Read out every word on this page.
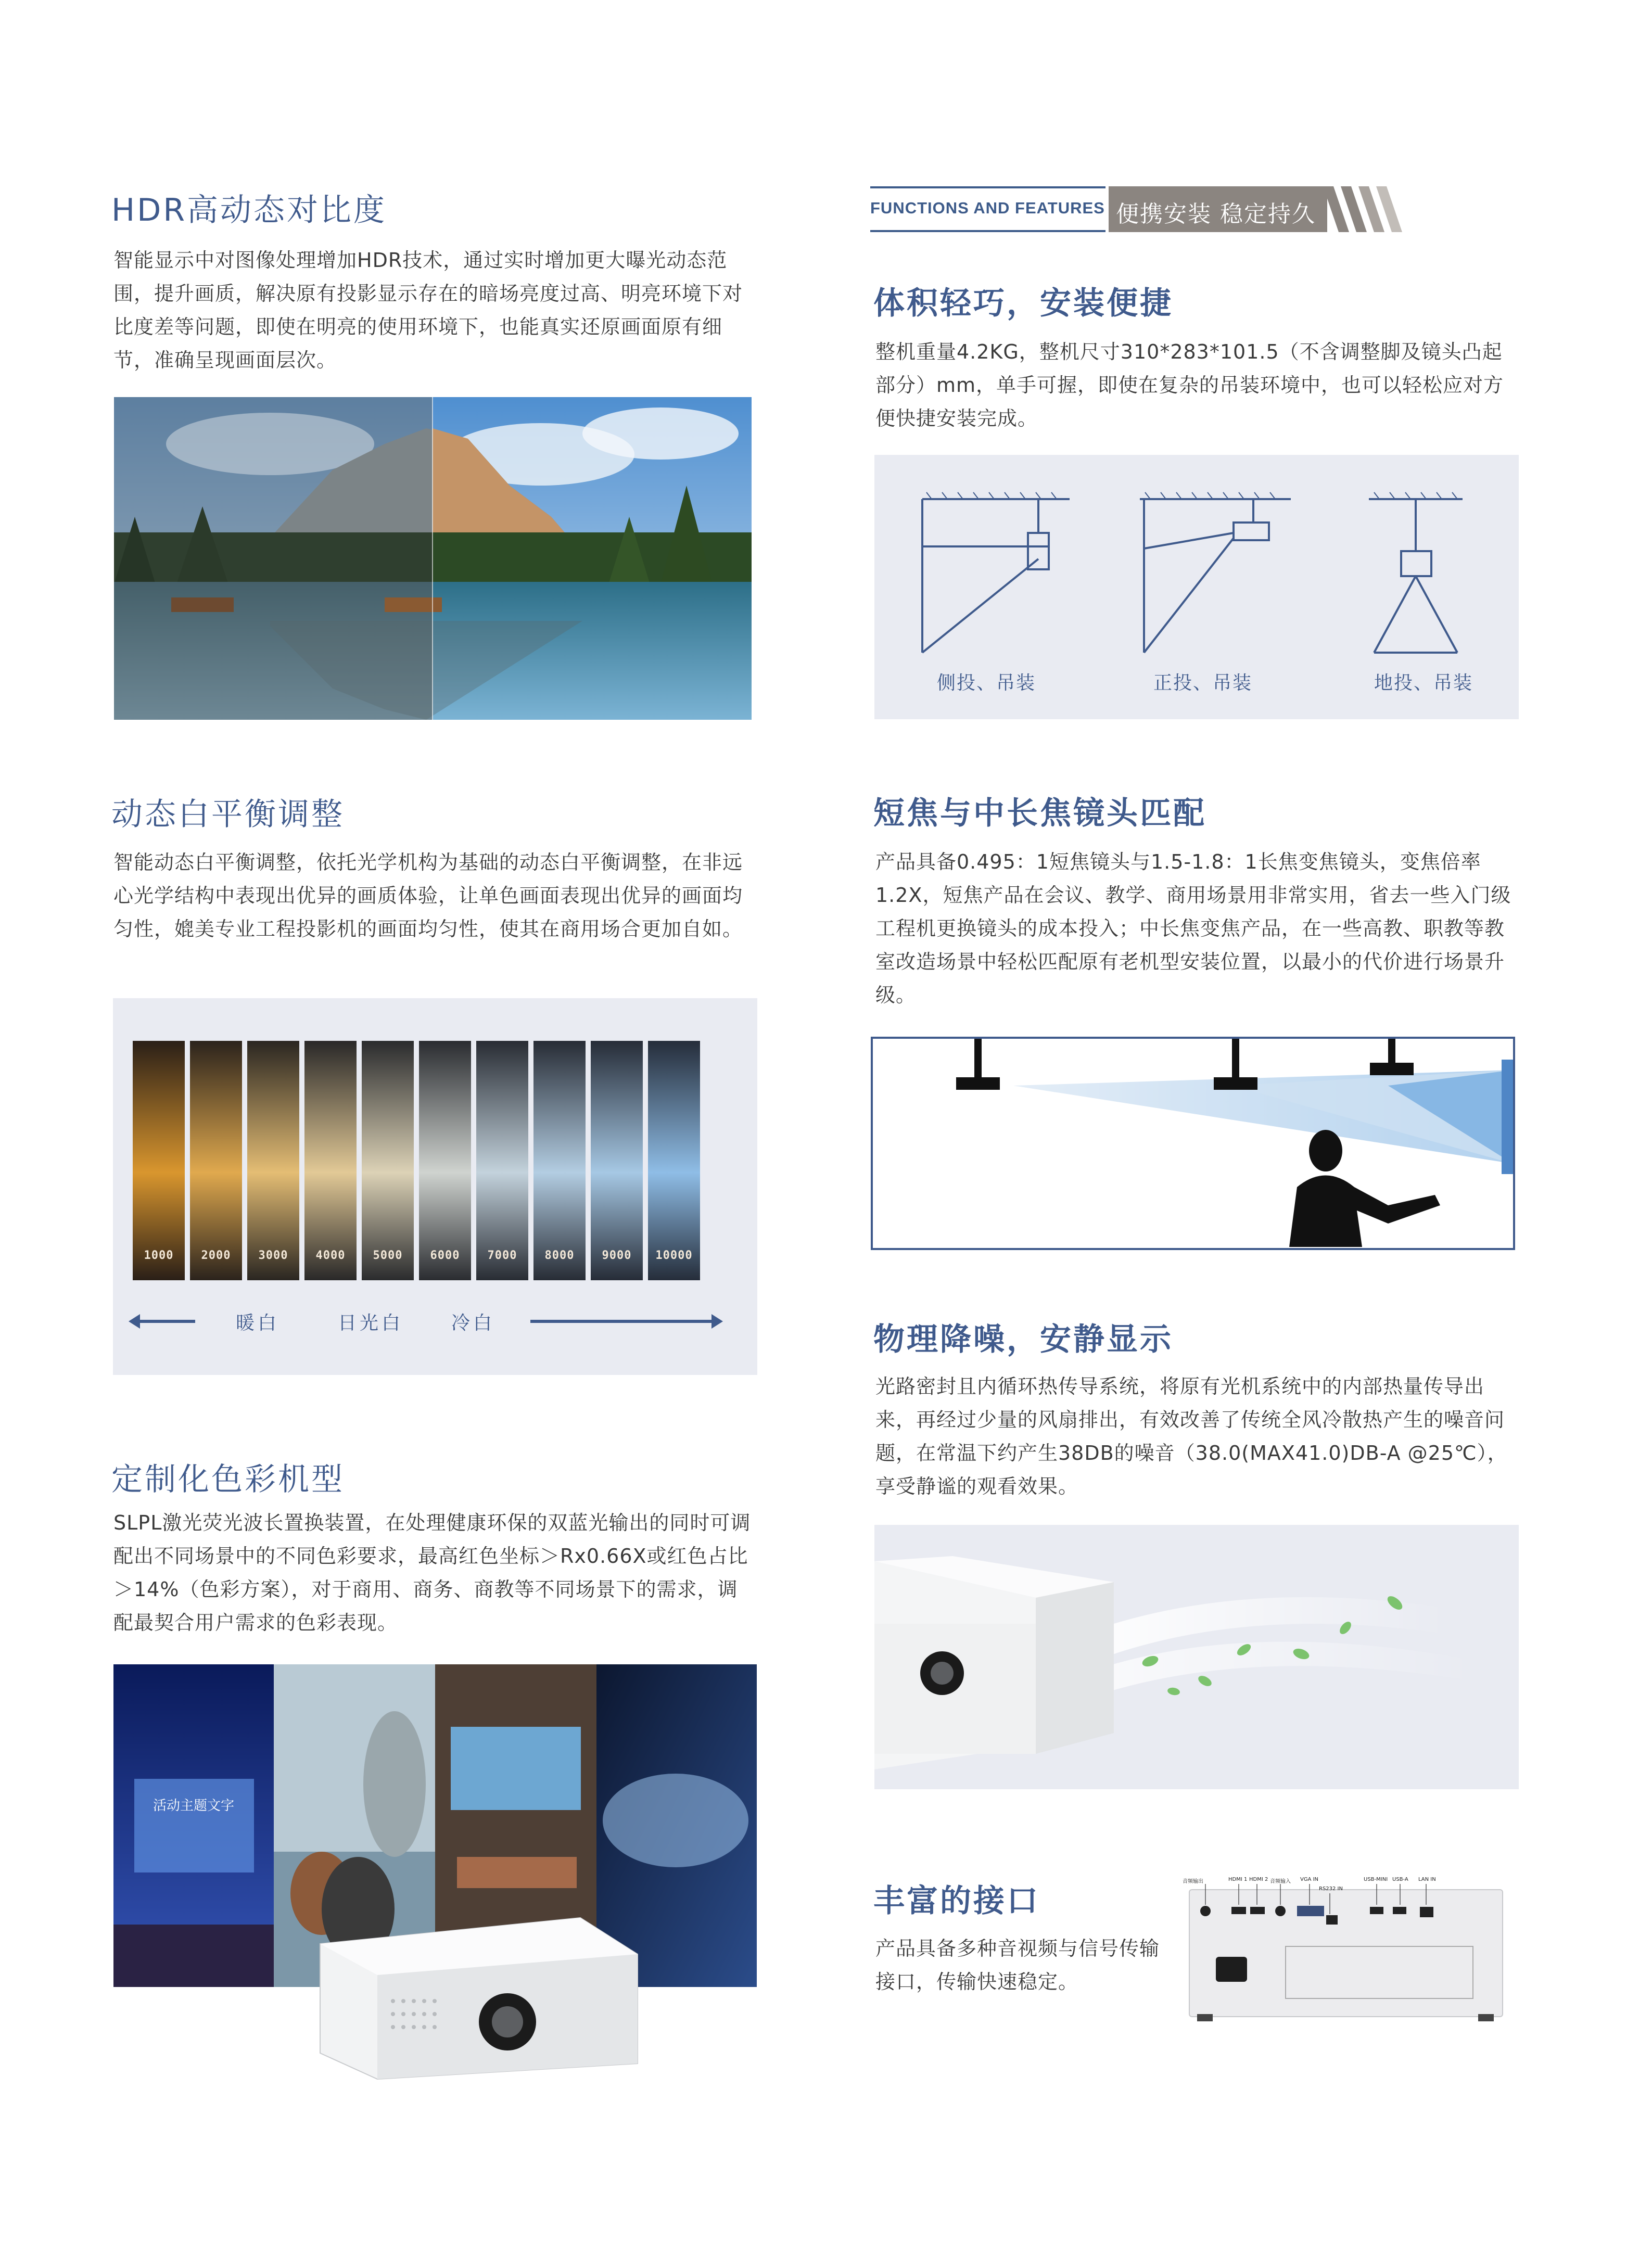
HDR高动态对比度
智能显示中对图像处理增加HDR技术，通过实时增加更大曝光动态范围，提升画质，解决原有投影显示存在的暗场亮度过高、明亮环境下对比度差等问题，即使在明亮的使用环境下，也能真实还原画面原有细节，准确呈现画面层次。
动态白平衡调整
智能动态白平衡调整，依托光学机构为基础的动态白平衡调整，在非远心光学结构中表现出优异的画质体验，让单色画面表现出优异的画面均匀性，媲美专业工程投影机的画面均匀性，使其在商用场合更加自如。
1000	2000	3000	4000	5000	6000	7000	8000	9000	10000
暖白	日光白	冷白
定制化色彩机型
SLPL激光荧光波长置换装置，在处理健康环保的双蓝光输出的同时可调配出不同场景中的不同色彩要求，最高红色坐标＞Rx0.66X或红色占比＞14%（色彩方案），对于商用、商务、商教等不同场景下的需求，调配最契合用户需求的色彩表现。
活动主题文字
FUNCTIONS AND FEATURES 便携安装 稳定持久
体积轻巧，安装便捷
整机重量4.2KG，整机尺寸310*283*101.5（不含调整脚及镜头凸起部分）mm，单手可握，即使在复杂的吊装环境中，也可以轻松应对方便快捷安装完成。
侧投、吊装	正投、吊装	地投、吊装
短焦与中长焦镜头匹配
产品具备0.495：1短焦镜头与1.5-1.8：1长焦变焦镜头，变焦倍率1.2X，短焦产品在会议、教学、商用场景用非常实用，省去一些入门级工程机更换镜头的成本投入；中长焦变焦产品，在一些高教、职教等教室改造场景中轻松匹配原有老机型安装位置，以最小的代价进行场景升级。
物理降噪，安静显示
光路密封且内循环热传导系统，将原有光机系统中的内部热量传导出来，再经过少量的风扇排出，有效改善了传统全风冷散热产生的噪音问题，在常温下约产生38DB的噪音（38.0(MAX41.0)DB-A @25℃），享受静谧的观看效果。
丰富的接口
产品具备多种音视频与信号传输接口，传输快速稳定。
音频输出	HDMI 1 HDMI 2 音频输入 VGA IN
RS232 IN
USB-MINI USB-A LAN IN
